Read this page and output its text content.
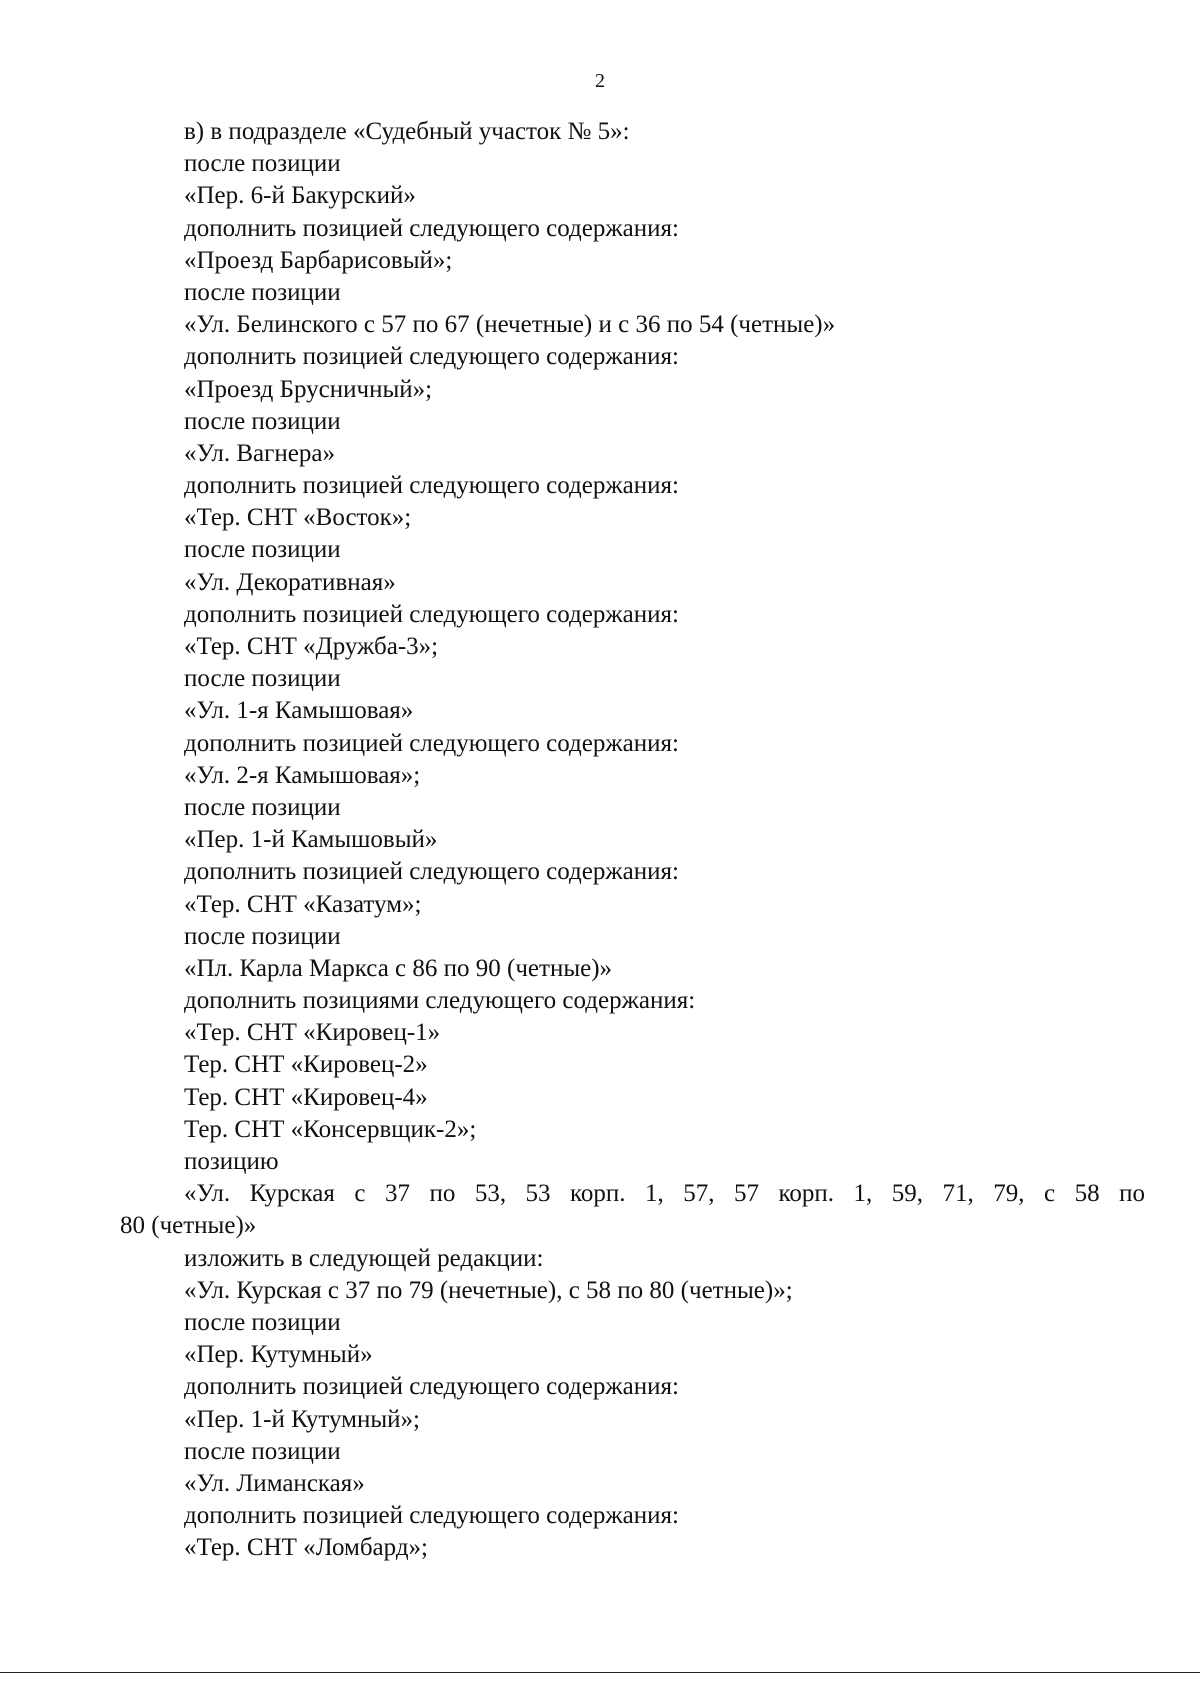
2
в) в подразделе «Судебный участок № 5»:
после позиции
«Пер. 6-й Бакурский»
дополнить позицией следующего содержания:
«Проезд Барбарисовый»;
после позиции
«Ул. Белинского с 57 по 67 (нечетные) и с 36 по 54 (четные)»
дополнить позицией следующего содержания:
«Проезд Брусничный»;
после позиции
«Ул. Вагнера»
дополнить позицией следующего содержания:
«Тер. СНТ «Восток»;
после позиции
«Ул. Декоративная»
дополнить позицией следующего содержания:
«Тер. СНТ «Дружба-3»;
после позиции
«Ул. 1-я Камышовая»
дополнить позицией следующего содержания:
«Ул. 2-я Камышовая»;
после позиции
«Пер. 1-й Камышовый»
дополнить позицией следующего содержания:
«Тер. СНТ «Казатум»;
после позиции
«Пл. Карла Маркса с 86 по 90 (четные)»
дополнить позициями следующего содержания:
«Тер. СНТ «Кировец-1»
Тер. СНТ «Кировец-2»
Тер. СНТ «Кировец-4»
Тер. СНТ «Консервщик-2»;
позицию
«Ул. Курская с 37 по 53, 53 корп. 1, 57, 57 корп. 1, 59, 71, 79, с 58 по
80 (четные)»
изложить в следующей редакции:
«Ул. Курская с 37 по 79 (нечетные), с 58 по 80 (четные)»;
после позиции
«Пер. Кутумный»
дополнить позицией следующего содержания:
«Пер. 1-й Кутумный»;
после позиции
«Ул. Лиманская»
дополнить позицией следующего содержания:
«Тер. СНТ «Ломбард»;
